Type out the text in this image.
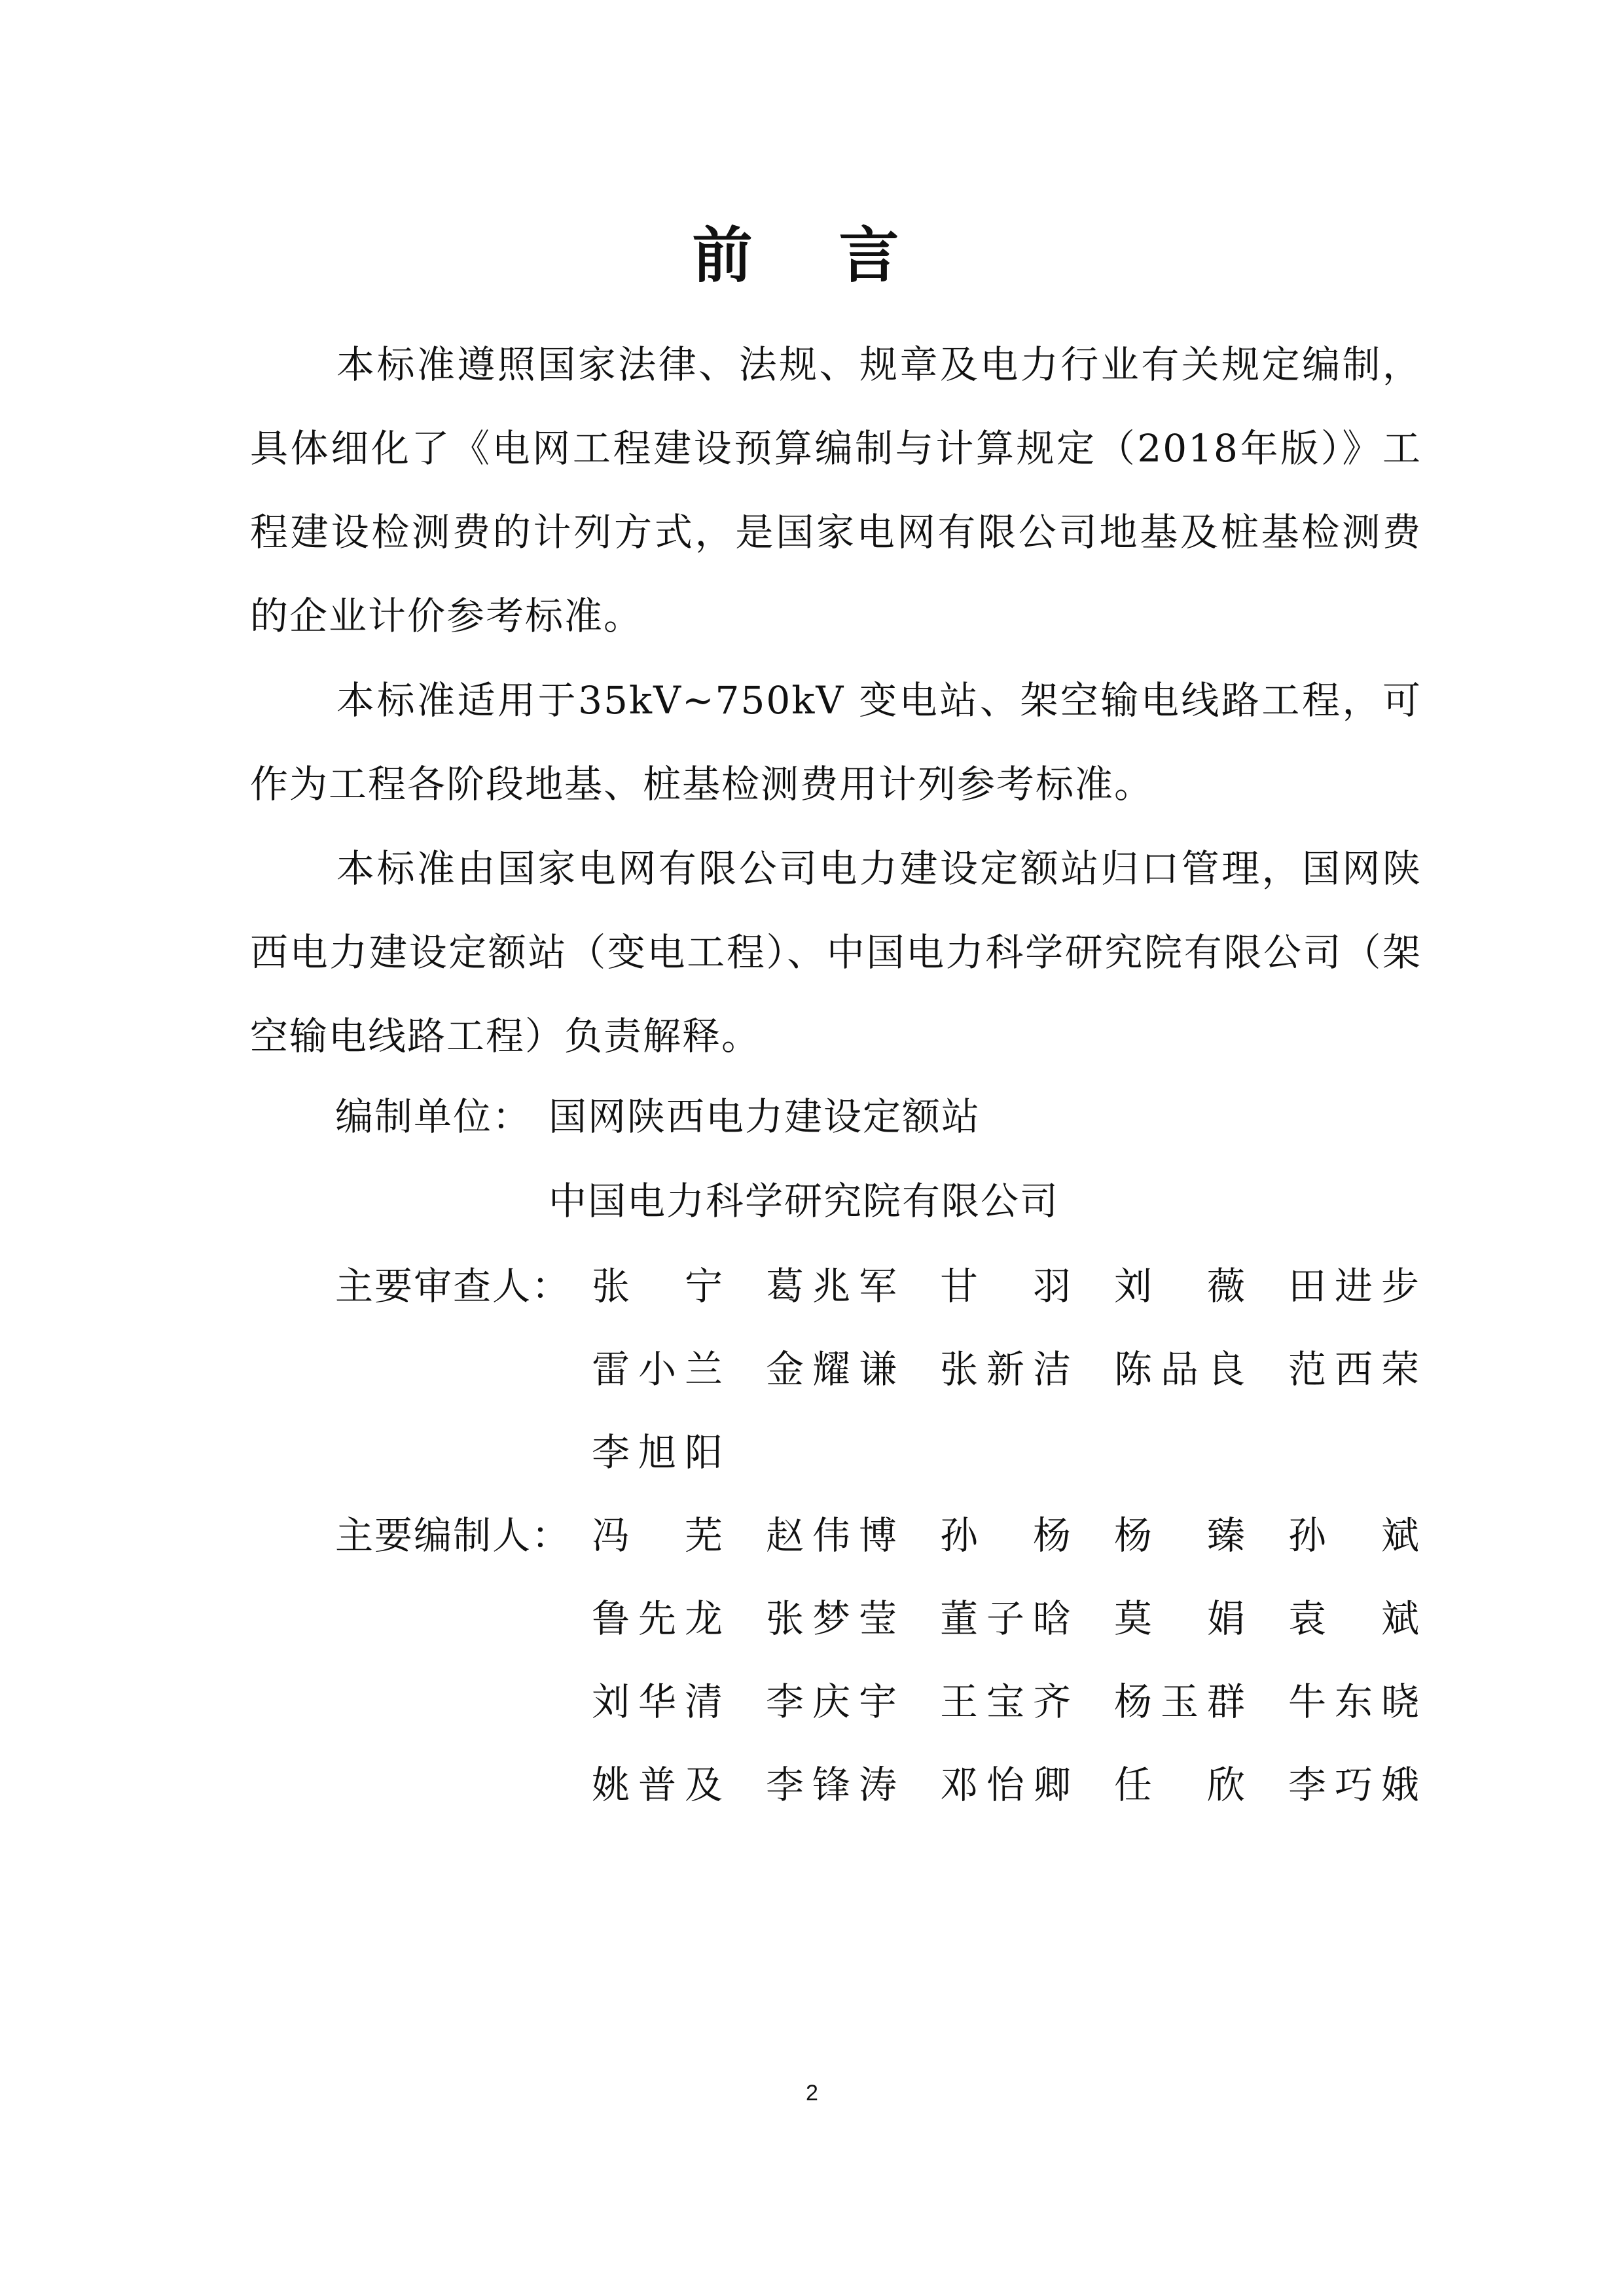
前 言

本标准遵照国家法律、法规、规章及电力行业有关规定编制，具体细化了《电网工程建设预算编制与计算规定（2018年版）》工程建设检测费的计列方式，是国家电网有限公司地基及桩基检测费的企业计价参考标准。

本标准适用于35kV~750kV 变电站、架空输电线路工程，可作为工程各阶段地基、桩基检测费用计列参考标准。

本标准由国家电网有限公司电力建设定额站归口管理，国网陕西电力建设定额站（变电工程）、中国电力科学研究院有限公司（架空输电线路工程）负责解释。

编制单位： 国网陕西电力建设定额站
中国电力科学研究院有限公司
主要审查人： 张 宁 葛兆军 甘 羽 刘 薇 田进步
雷小兰 金耀谦 张新洁 陈品良 范西荣
李旭阳
主要编制人： 冯 芜 赵伟博 孙 杨 杨 臻 孙 斌
鲁先龙 张梦莹 董子晗 莫 娟 袁 斌
刘华清 李庆宇 王宝齐 杨玉群 牛东晓
姚普及 李锋涛 邓怡卿 任 欣 李巧娥
2
